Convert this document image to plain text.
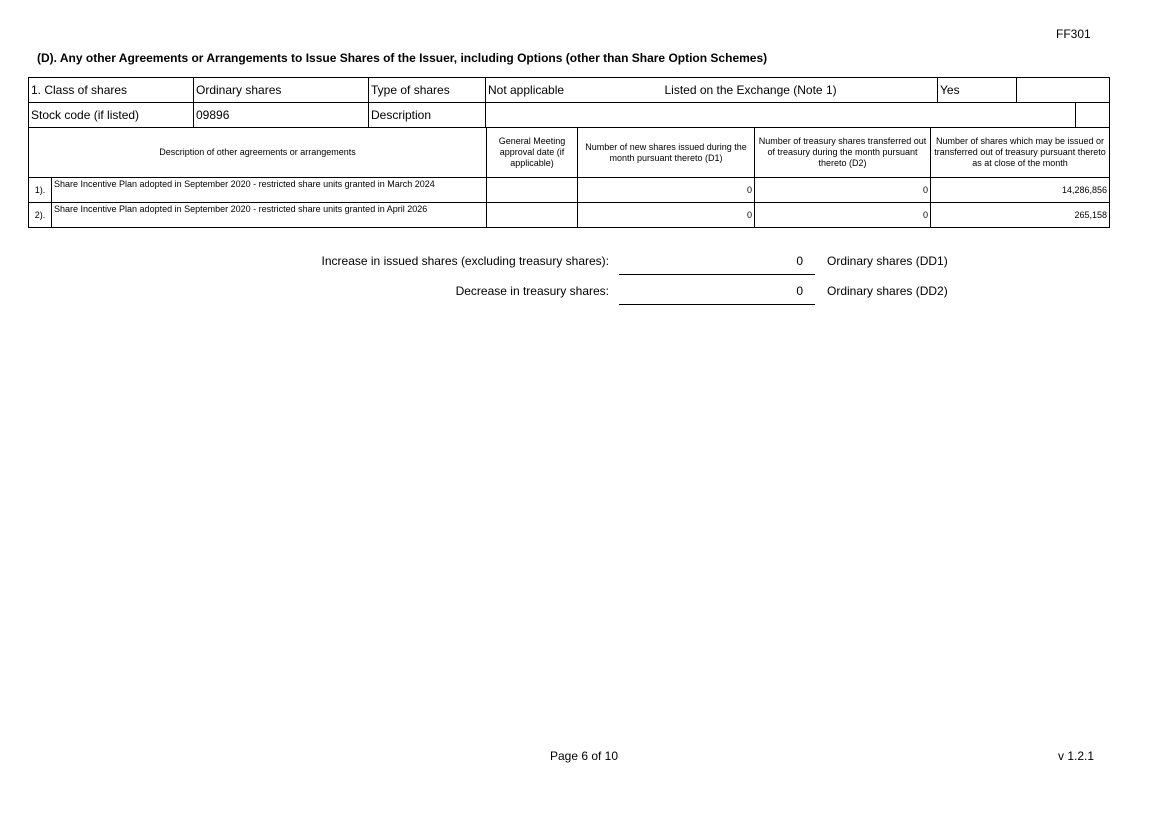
FF301
(D). Any other Agreements or Arrangements to Issue Shares of the Issuer, including Options (other than Share Option Schemes)
1. Class of shares	Ordinary shares	Type of shares	Not applicable	Listed on the Exchange (Note 1)	Yes		
Stock code (if listed)	09896	Description					
Description of other agreements or arrangements		General Meeting approval date (if applicable)	Number of new shares issued during the month pursuant thereto (D1)	Number of treasury shares transferred out of treasury during the month pursuant thereto (D2)	Number of shares which may be issued or transferred out of treasury pursuant thereto as at close of the month
1).	Share Incentive Plan adopted in September 2020 - restricted share units granted in March 2024		0	0	14,286,856
2).	Share Incentive Plan adopted in September 2020 - restricted share units granted in April 2026		0	0	265,158
Increase in issued shares (excluding treasury shares):	0 Ordinary shares (DD1)
Decrease in treasury shares:	0 Ordinary shares (DD2)
Page 6 of 10	v 1.2.1
